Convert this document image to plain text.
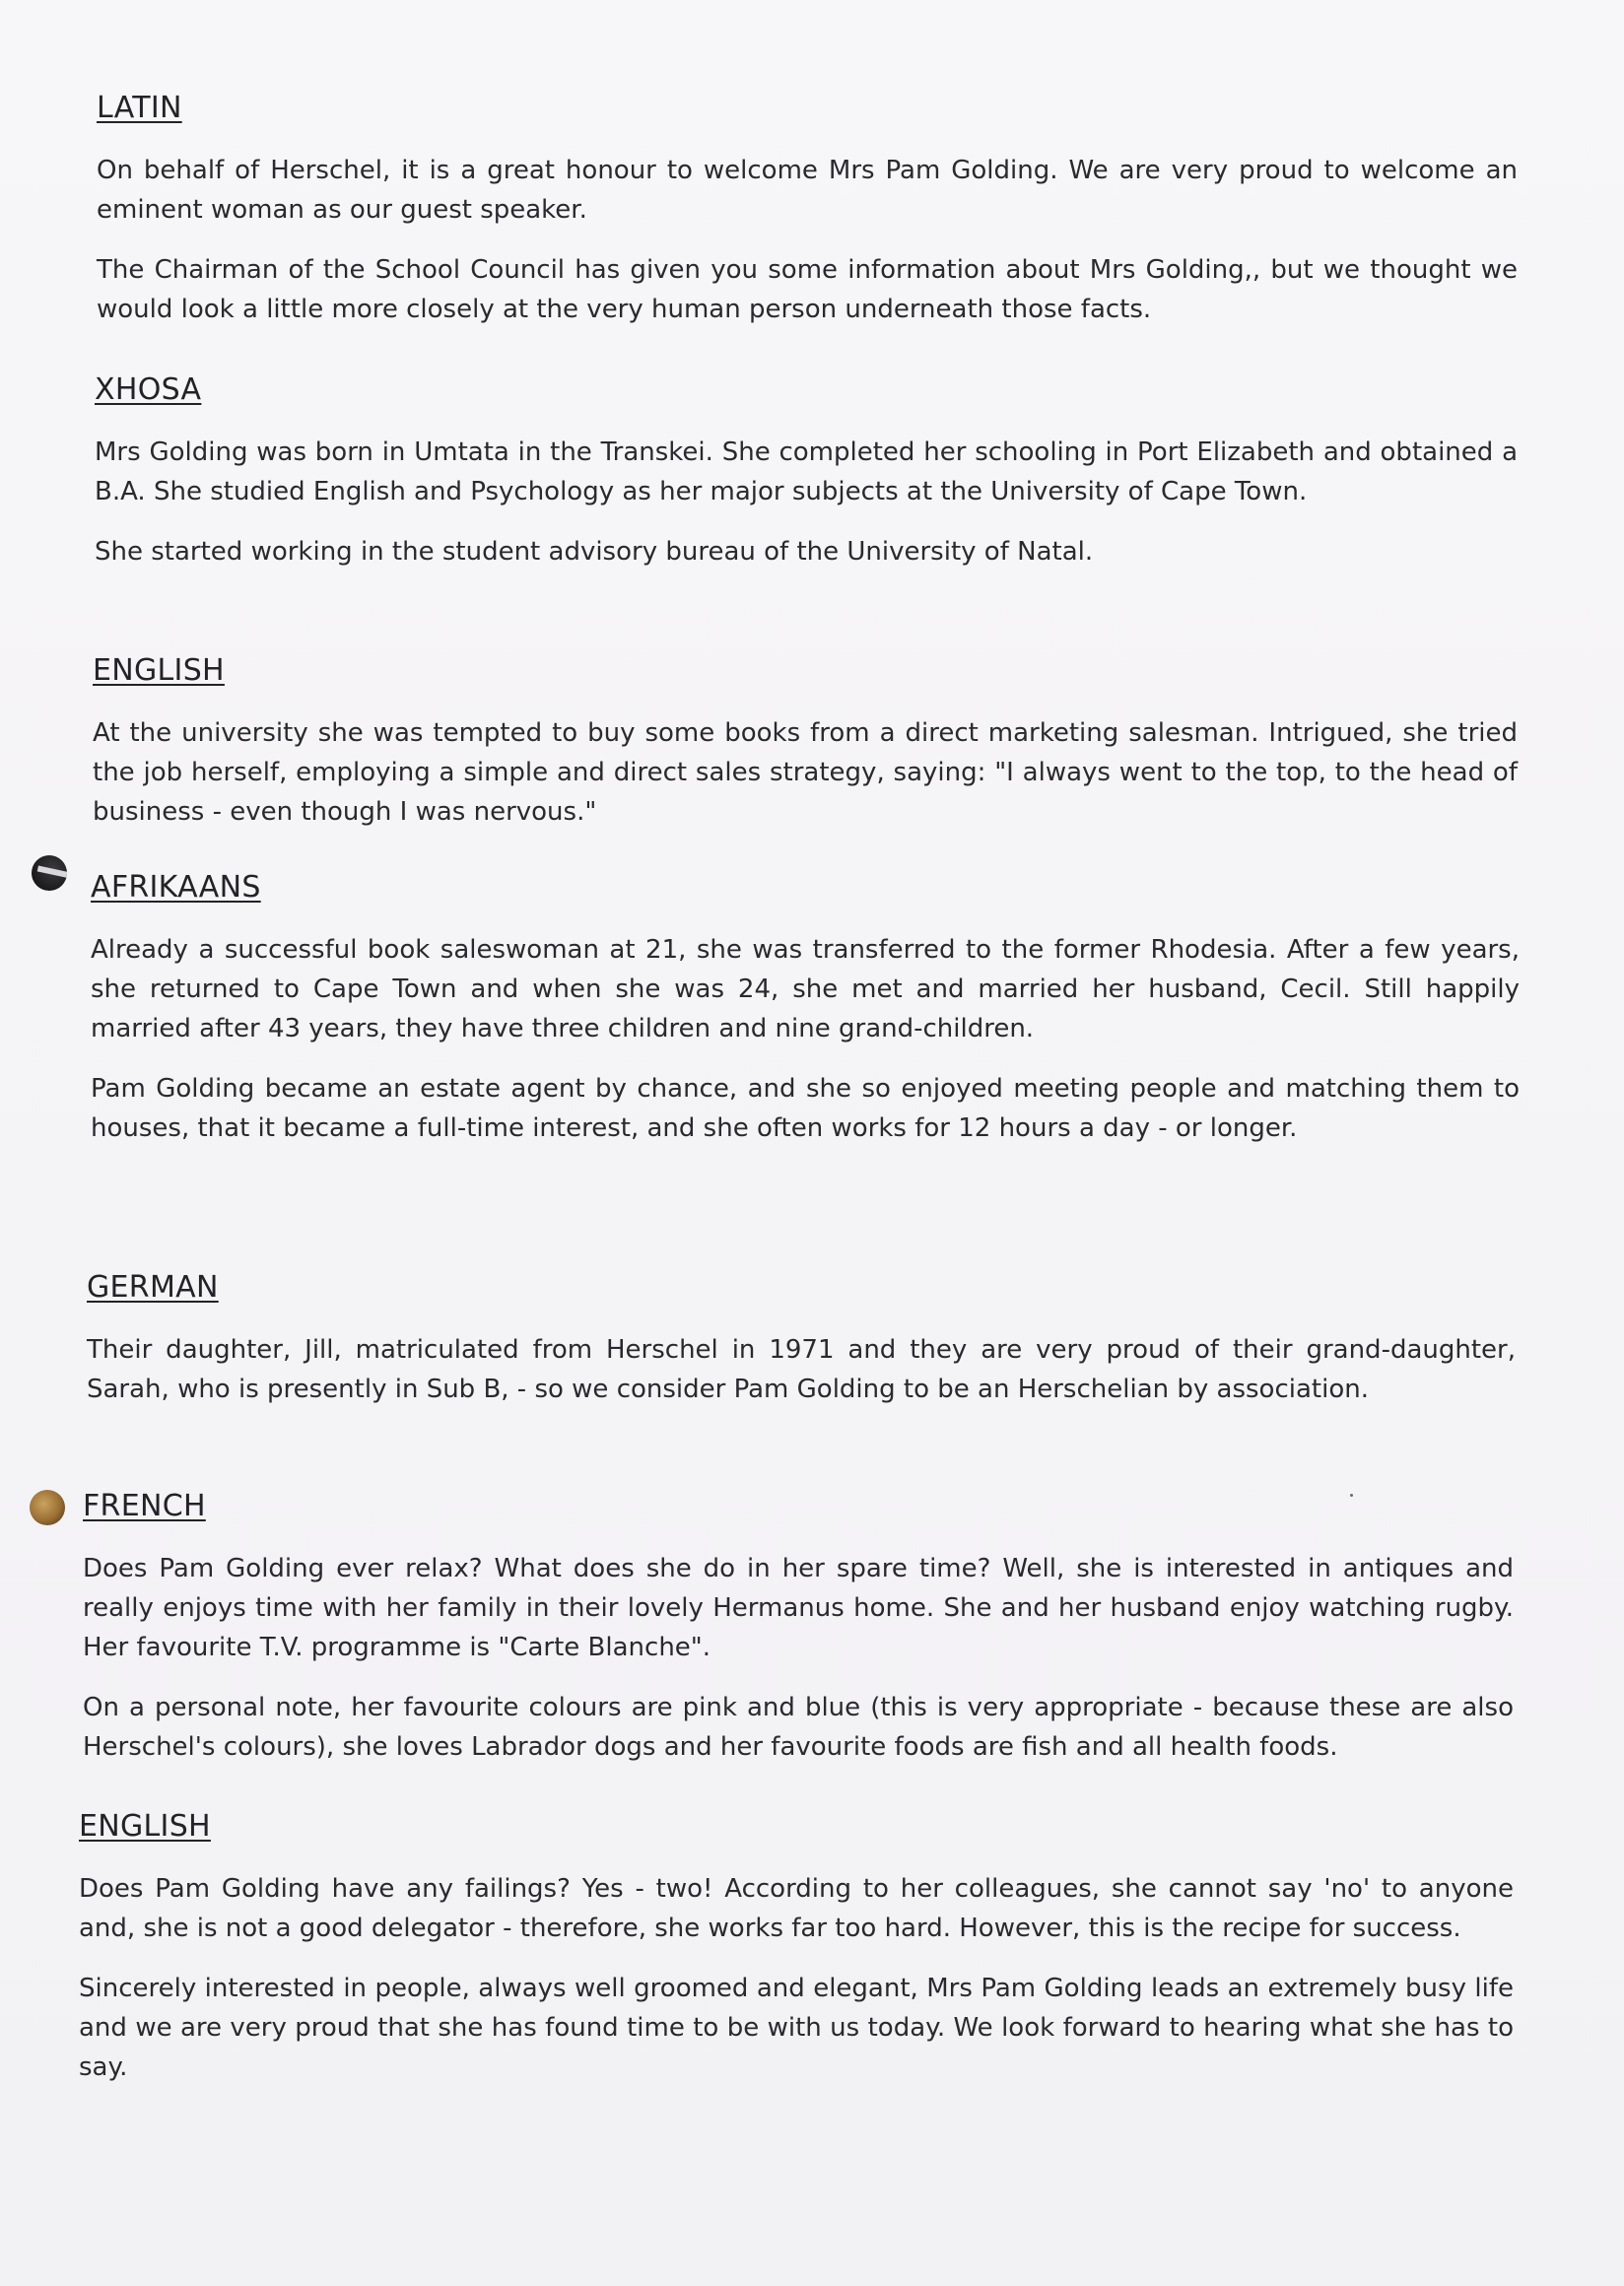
LATIN

On behalf of Herschel, it is a great honour to welcome Mrs Pam Golding. We are very proud to welcome an eminent woman as our guest speaker.

The Chairman of the School Council has given you some information about Mrs Golding,, but we thought we would look a little more closely at the very human person underneath those facts.

XHOSA

Mrs Golding was born in Umtata in the Transkei. She completed her schooling in Port Elizabeth and obtained a B.A. She studied English and Psychology as her major subjects at the University of Cape Town.

She started working in the student advisory bureau of the University of Natal.

ENGLISH

At the university she was tempted to buy some books from a direct marketing salesman. Intrigued, she tried the job herself, employing a simple and direct sales strategy, saying: "I always went to the top, to the head of business - even though I was nervous."

AFRIKAANS

Already a successful book saleswoman at 21, she was transferred to the former Rhodesia. After a few years, she returned to Cape Town and when she was 24, she met and married her husband, Cecil. Still happily married after 43 years, they have three children and nine grand-children.

Pam Golding became an estate agent by chance, and she so enjoyed meeting people and matching them to houses, that it became a full-time interest, and she often works for 12 hours a day - or longer.

GERMAN

Their daughter, Jill, matriculated from Herschel in 1971 and they are very proud of their grand-daughter, Sarah, who is presently in Sub B, - so we consider Pam Golding to be an Herschelian by association.

FRENCH

Does Pam Golding ever relax? What does she do in her spare time? Well, she is interested in antiques and really enjoys time with her family in their lovely Hermanus home. She and her husband enjoy watching rugby. Her favourite T.V. programme is "Carte Blanche".

On a personal note, her favourite colours are pink and blue (this is very appropriate - because these are also Herschel's colours), she loves Labrador dogs and her favourite foods are fish and all health foods.

ENGLISH

Does Pam Golding have any failings? Yes - two! According to her colleagues, she cannot say 'no' to anyone and, she is not a good delegator - therefore, she works far too hard. However, this is the recipe for success.

Sincerely interested in people, always well groomed and elegant, Mrs Pam Golding leads an extremely busy life and we are very proud that she has found time to be with us today. We look forward to hearing what she has to say.
